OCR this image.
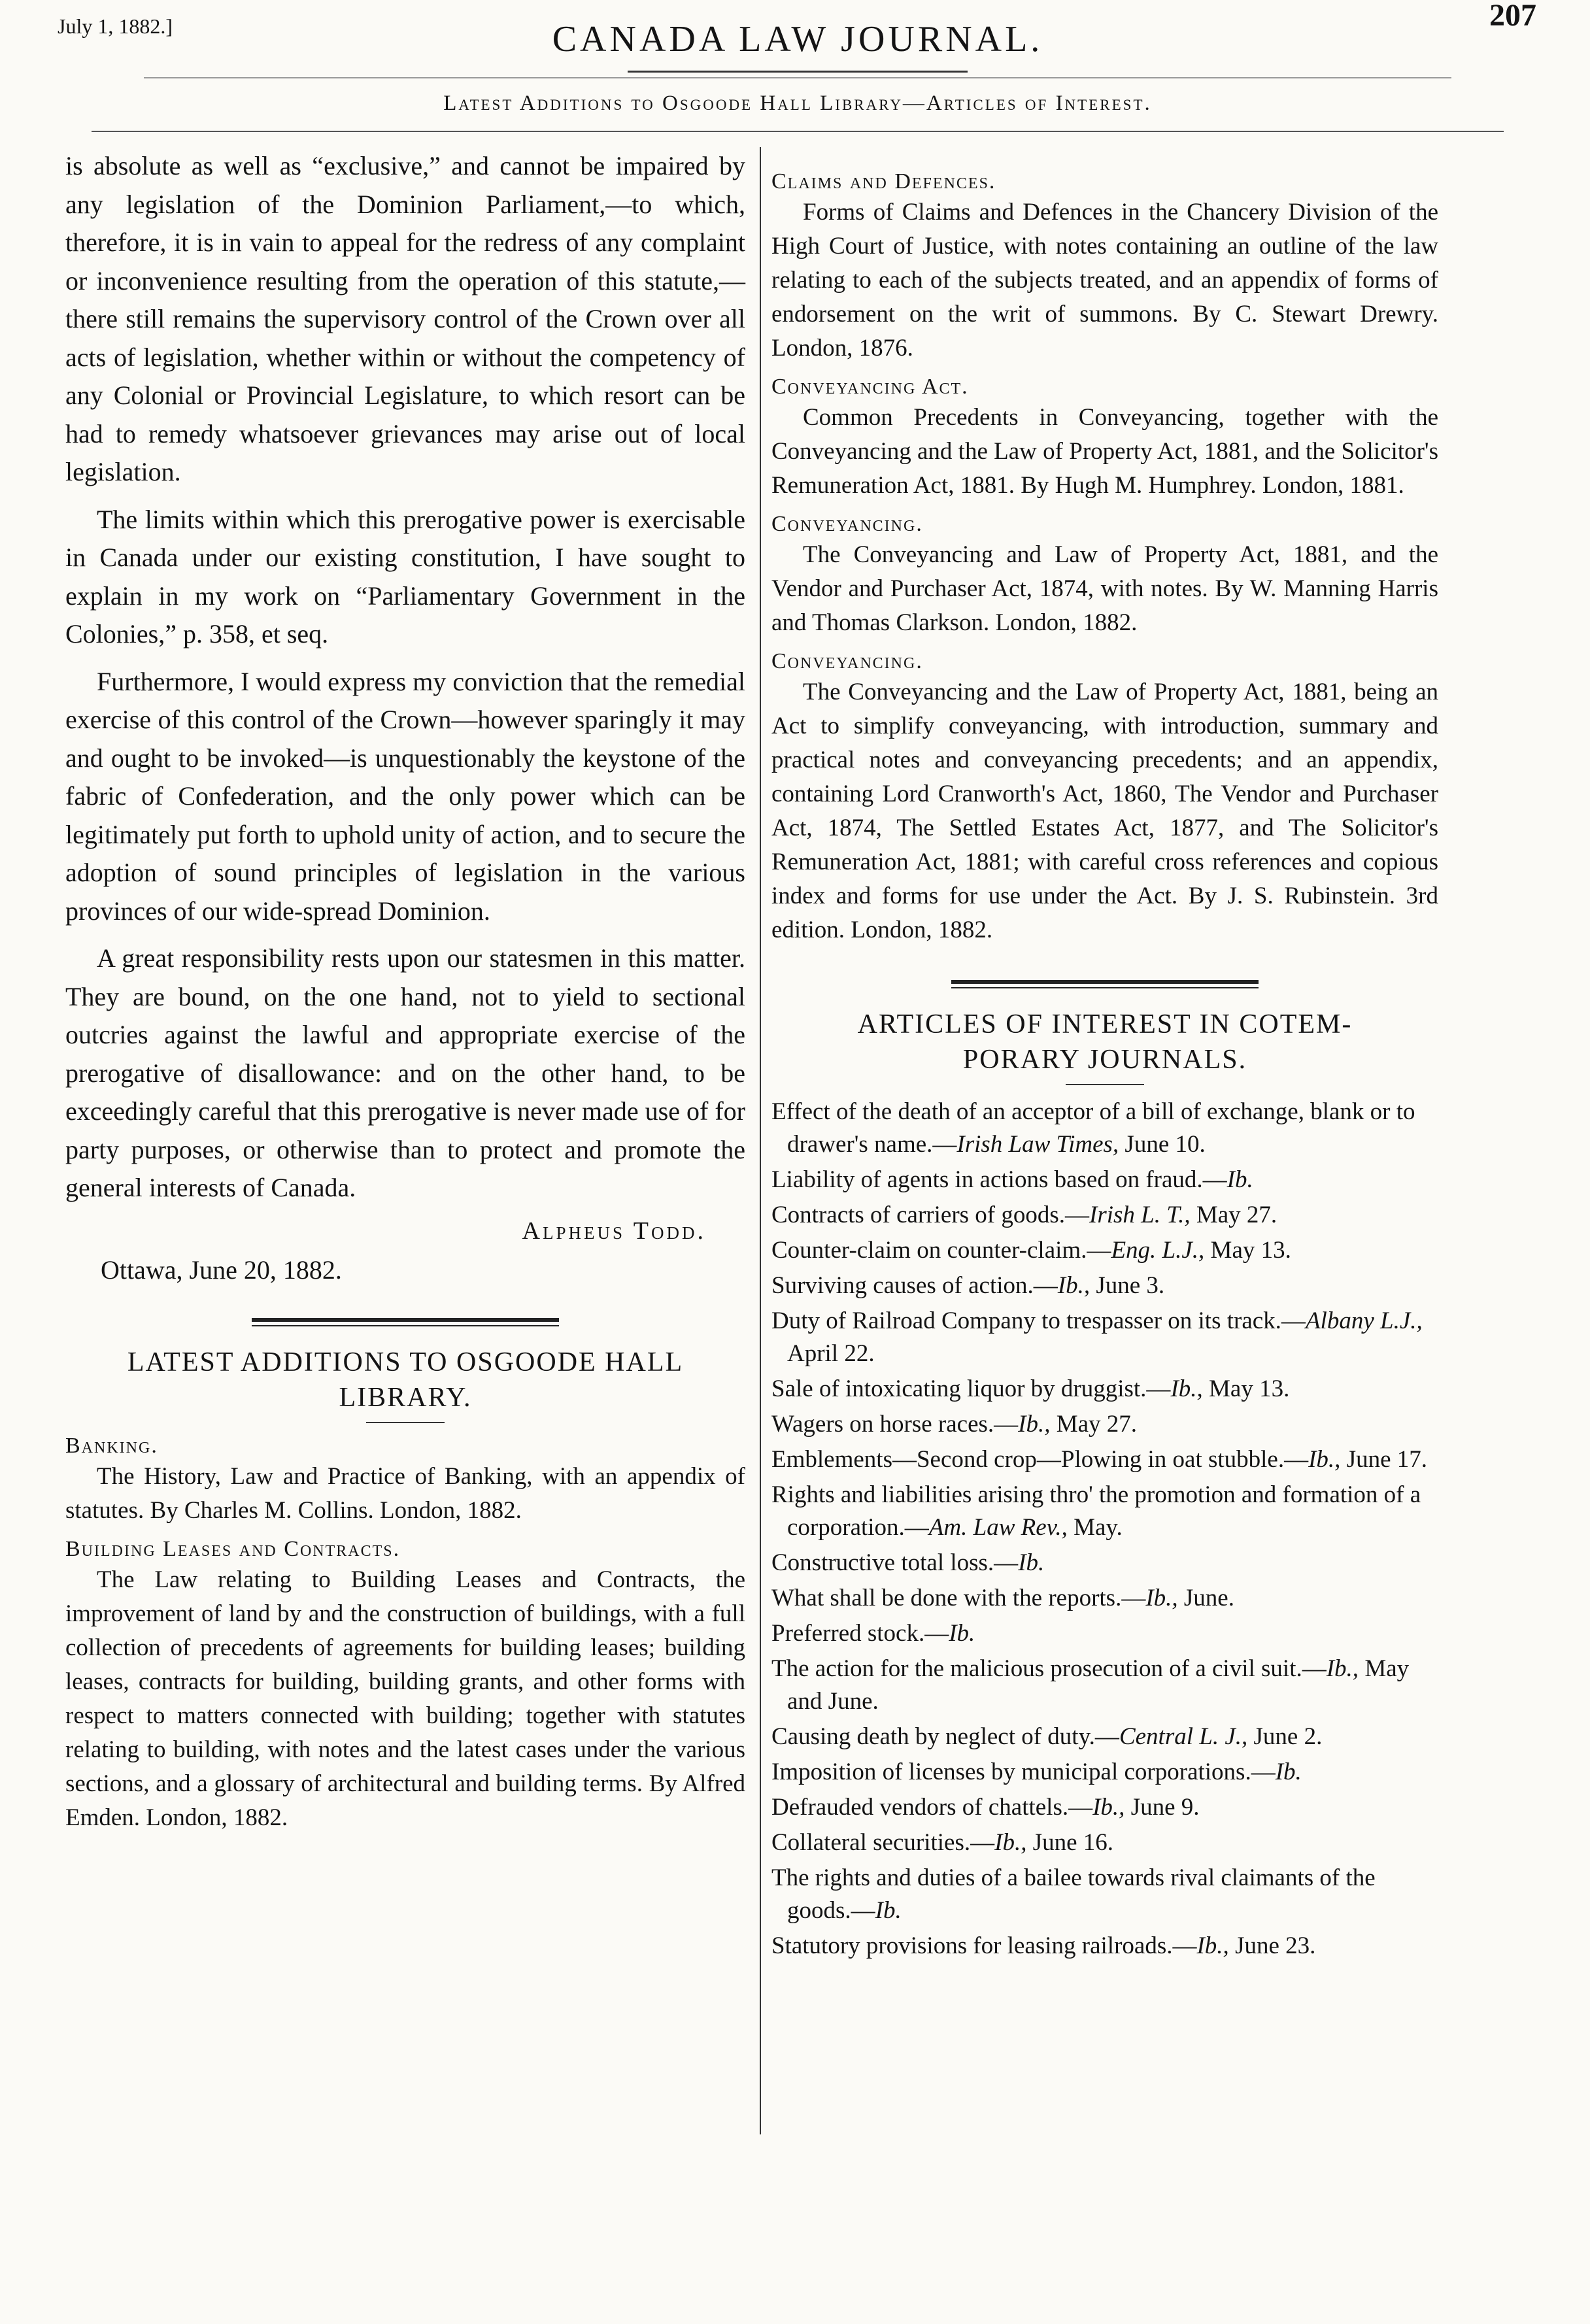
July 1, 1882.]	CANADA LAW JOURNAL.
207
Latest Additions to Osgoode Hall Library—Articles of Interest.

is absolute as well as “exclusive,” and cannot be impaired by any legislation of the Dominion Parliament,—to which, therefore, it is in vain to appeal for the redress of any complaint or inconvenience resulting from the operation of this statute,—there still remains the supervisory control of the Crown over all acts of legislation, whether within or without the competency of any Colonial or Provincial Legislature, to which resort can be had to remedy whatsoever grievances may arise out of local legislation.

The limits within which this prerogative power is exercisable in Canada under our existing constitution, I have sought to explain in my work on “Parliamentary Government in the Colonies,” p. 358, et seq.

Furthermore, I would express my conviction that the remedial exercise of this control of the Crown—however sparingly it may and ought to be invoked—is unquestionably the keystone of the fabric of Confederation, and the only power which can be legitimately put forth to uphold unity of action, and to secure the adoption of sound principles of legislation in the various provinces of our wide-spread Dominion.

A great responsibility rests upon our statesmen in this matter. They are bound, on the one hand, not to yield to sectional outcries against the lawful and appropriate exercise of the prerogative of disallowance: and on the other hand, to be exceedingly careful that this prerogative is never made use of for party purposes, or otherwise than to protect and promote the general interests of Canada.

Alpheus Todd.
Ottawa, June 20, 1882.
LATEST ADDITIONS TO OSGOODE HALL LIBRARY.
Banking.

The History, Law and Practice of Banking, with an appendix of statutes. By Charles M. Collins. London, 1882.

Building Leases and Contracts.

The Law relating to Building Leases and Contracts, the improvement of land by and the construction of buildings, with a full collection of precedents of agreements for building leases; building leases, contracts for building, building grants, and other forms with respect to matters connected with building; together with statutes relating to building, with notes and the latest cases under the various sections, and a glossary of architectural and building terms. By Alfred Emden. London, 1882.

Claims and Defences.

Forms of Claims and Defences in the Chancery Division of the High Court of Justice, with notes containing an outline of the law relating to each of the subjects treated, and an appendix of forms of endorsement on the writ of summons. By C. Stewart Drewry. London, 1876.

Conveyancing Act.

Common Precedents in Conveyancing, together with the Conveyancing and the Law of Property Act, 1881, and the Solicitor's Remuneration Act, 1881. By Hugh M. Humphrey. London, 1881.

Conveyancing.

The Conveyancing and Law of Property Act, 1881, and the Vendor and Purchaser Act, 1874, with notes. By W. Manning Harris and Thomas Clarkson. London, 1882.

Conveyancing.

The Conveyancing and the Law of Property Act, 1881, being an Act to simplify conveyancing, with introduction, summary and practical notes and conveyancing precedents; and an appendix, containing Lord Cranworth's Act, 1860, The Vendor and Purchaser Act, 1874, The Settled Estates Act, 1877, and The Solicitor's Remuneration Act, 1881; with careful cross references and copious index and forms for use under the Act. By J. S. Rubinstein. 3rd edition. London, 1882.

ARTICLES OF INTEREST IN COTEM-
PORARY JOURNALS.

Effect of the death of an acceptor of a bill of exchange, blank or to drawer's name.—Irish Law Times, June 10.

Liability of agents in actions based on fraud.—Ib.

Contracts of carriers of goods.—Irish L. T., May 27.

Counter-claim on counter-claim.—Eng. L.J., May 13.

Surviving causes of action.—Ib., June 3.

Duty of Railroad Company to trespasser on its track.—Albany L.J., April 22.

Sale of intoxicating liquor by druggist.—Ib., May 13.

Wagers on horse races.—Ib., May 27.

Emblements—Second crop—Plowing in oat stubble.—Ib., June 17.

Rights and liabilities arising thro' the promotion and formation of a corporation.—Am. Law Rev., May.

Constructive total loss.—Ib.

What shall be done with the reports.—Ib., June.

Preferred stock.—Ib.

The action for the malicious prosecution of a civil suit.—Ib., May and June.

Causing death by neglect of duty.—Central L. J., June 2.

Imposition of licenses by municipal corporations.—Ib.

Defrauded vendors of chattels.—Ib., June 9.

Collateral securities.—Ib., June 16.

The rights and duties of a bailee towards rival claimants of the goods.—Ib.

Statutory provisions for leasing railroads.—Ib., June 23.
